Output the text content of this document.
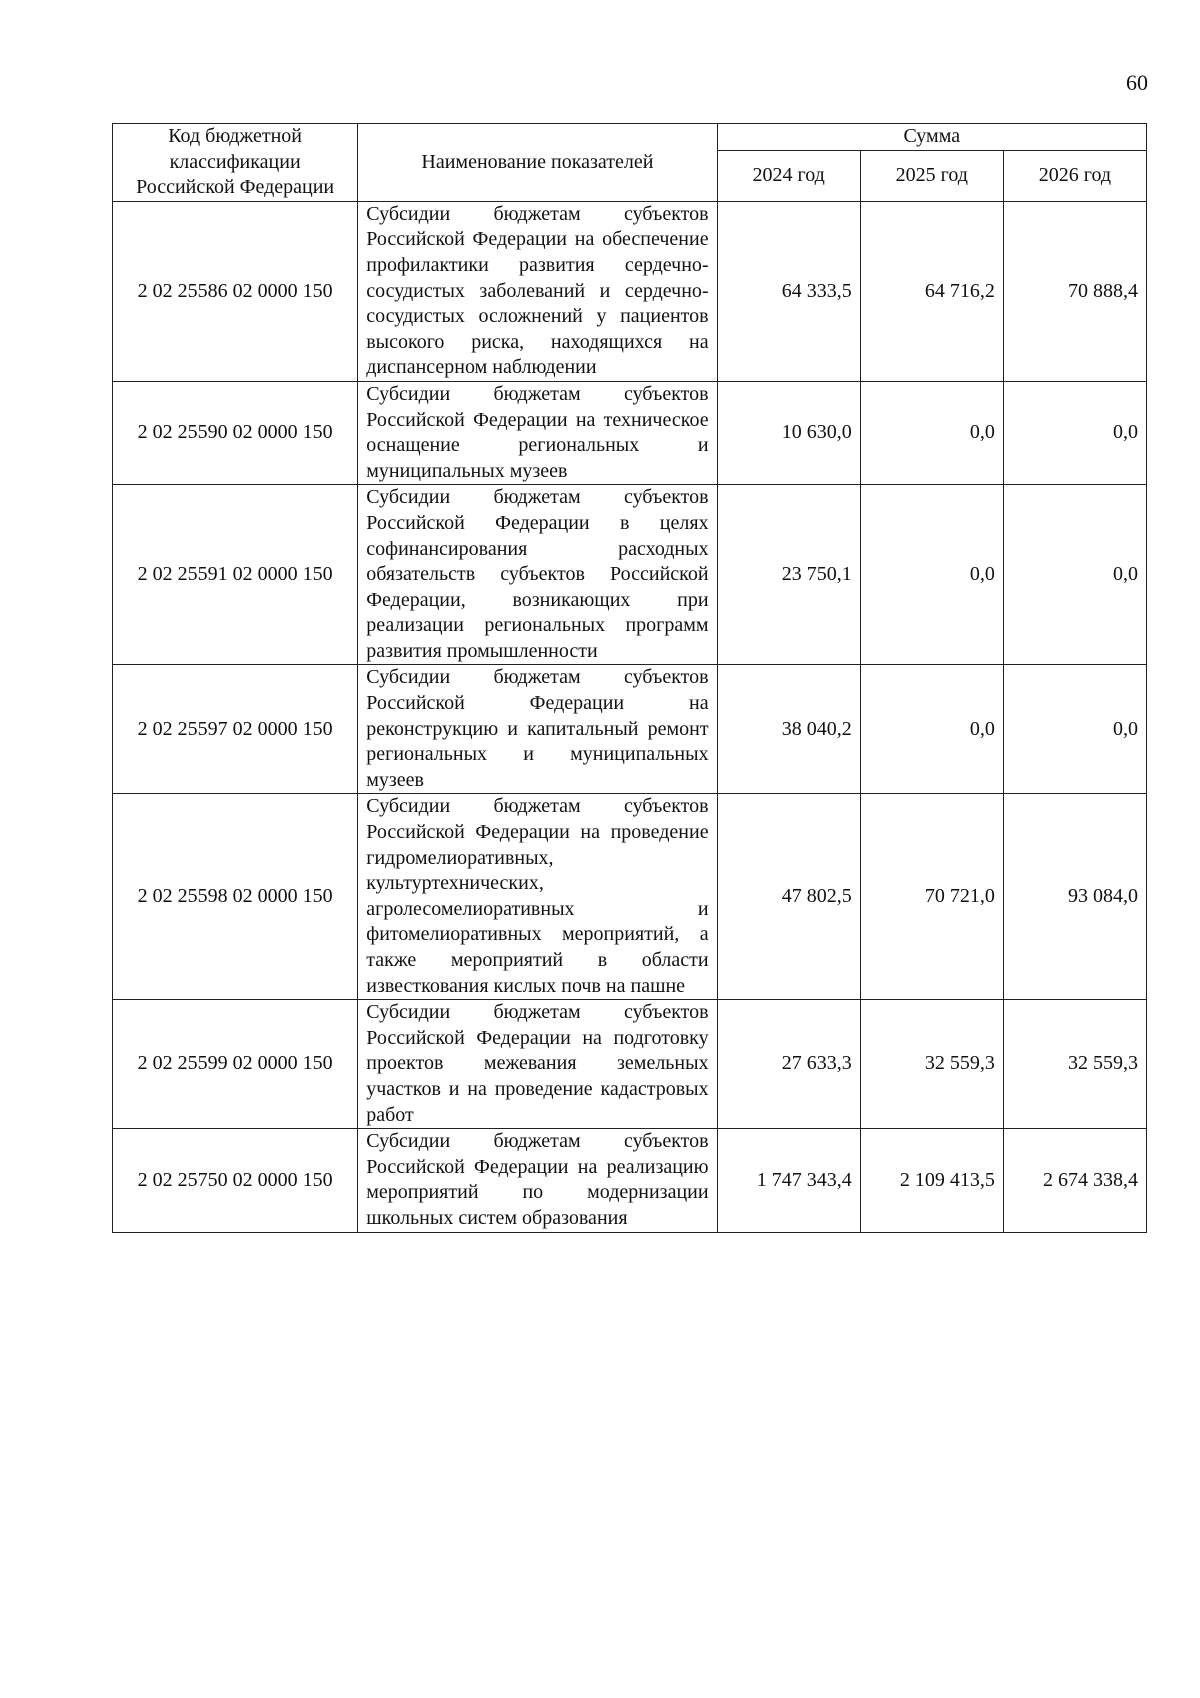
60
Код бюджетной классификации Российской Федерации	Наименование показателей	Сумма		
		2024 год	2025 год	2026 год
2 02 25586 02 0000 150	Субсидии бюджетам субъектов Российской Федерации на обеспечение профилактики развития сердечно-сосудистых заболеваний и сердечно-сосудистых осложнений у пациентов высокого риска, находящихся на диспансерном наблюдении	64 333,5	64 716,2	70 888,4
2 02 25590 02 0000 150	Субсидии бюджетам субъектов Российской Федерации на техническое оснащение региональных и муниципальных музеев	10 630,0	0,0	0,0
2 02 25591 02 0000 150	Субсидии бюджетам субъектов Российской Федерации в целях софинансирования расходных обязательств субъектов Российской Федерации, возникающих при реализации региональных программ развития промышленности	23 750,1	0,0	0,0
2 02 25597 02 0000 150	Субсидии бюджетам субъектов Российской Федерации на реконструкцию и капитальный ремонт региональных и муниципальных музеев	38 040,2	0,0	0,0
2 02 25598 02 0000 150	Субсидии бюджетам субъектов Российской Федерации на проведение гидромелиоративных, культуртехнических, агролесомелиоративных и фитомелиоративных мероприятий, а также мероприятий в области известкования кислых почв на пашне	47 802,5	70 721,0	93 084,0
2 02 25599 02 0000 150	Субсидии бюджетам субъектов Российской Федерации на подготовку проектов межевания земельных участков и на проведение кадастровых работ	27 633,3	32 559,3	32 559,3
2 02 25750 02 0000 150	Субсидии бюджетам субъектов Российской Федерации на реализацию мероприятий по модернизации школьных систем образования	1 747 343,4	2 109 413,5	2 674 338,4
